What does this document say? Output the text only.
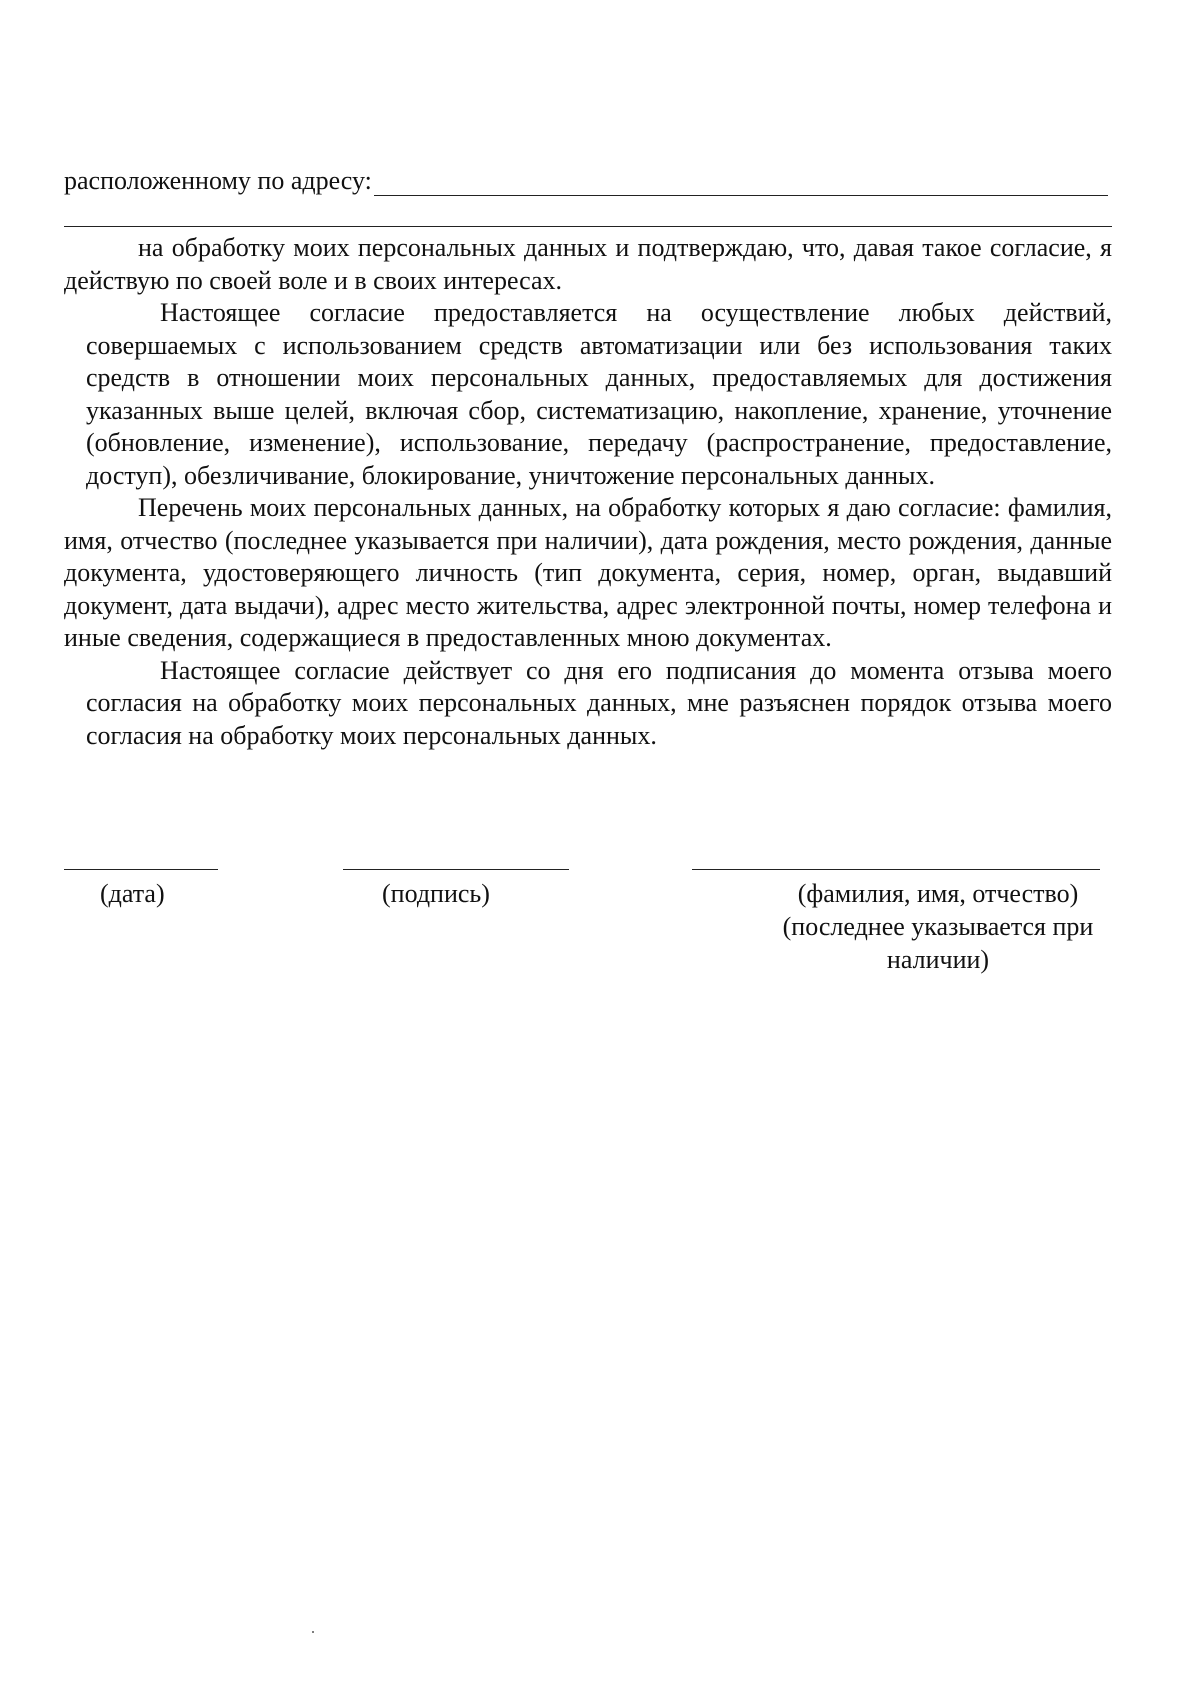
расположенному по адресу:

на обработку моих персональных данных и подтверждаю, что, давая такое согласие, я действую по своей воле и в своих интересах.

Настоящее согласие предоставляется на осуществление любых действий, совершаемых с использованием средств автоматизации или без использования таких средств в отношении моих персональных данных, предоставляемых для достижения указанных выше целей, включая сбор, систематизацию, накопление, хранение, уточнение (обновление, изменение), использование, передачу (распространение, предоставление, доступ), обезличивание, блокирование, уничтожение персональных данных.

Перечень моих персональных данных, на обработку которых я даю согласие: фамилия, имя, отчество (последнее указывается при наличии), дата рождения, место рождения, данные документа, удостоверяющего личность (тип документа, серия, номер, орган, выдавший документ, дата выдачи), адрес место жительства, адрес электронной почты, номер телефона и иные сведения, содержащиеся в предоставленных мною документах.

Настоящее согласие действует со дня его подписания до момента отзыва моего согласия на обработку моих персональных данных, мне разъяснен порядок отзыва моего согласия на обработку моих персональных данных.

(дата)	(подпись)	(фамилия, имя, отчество) (последнее указывается при наличии)
